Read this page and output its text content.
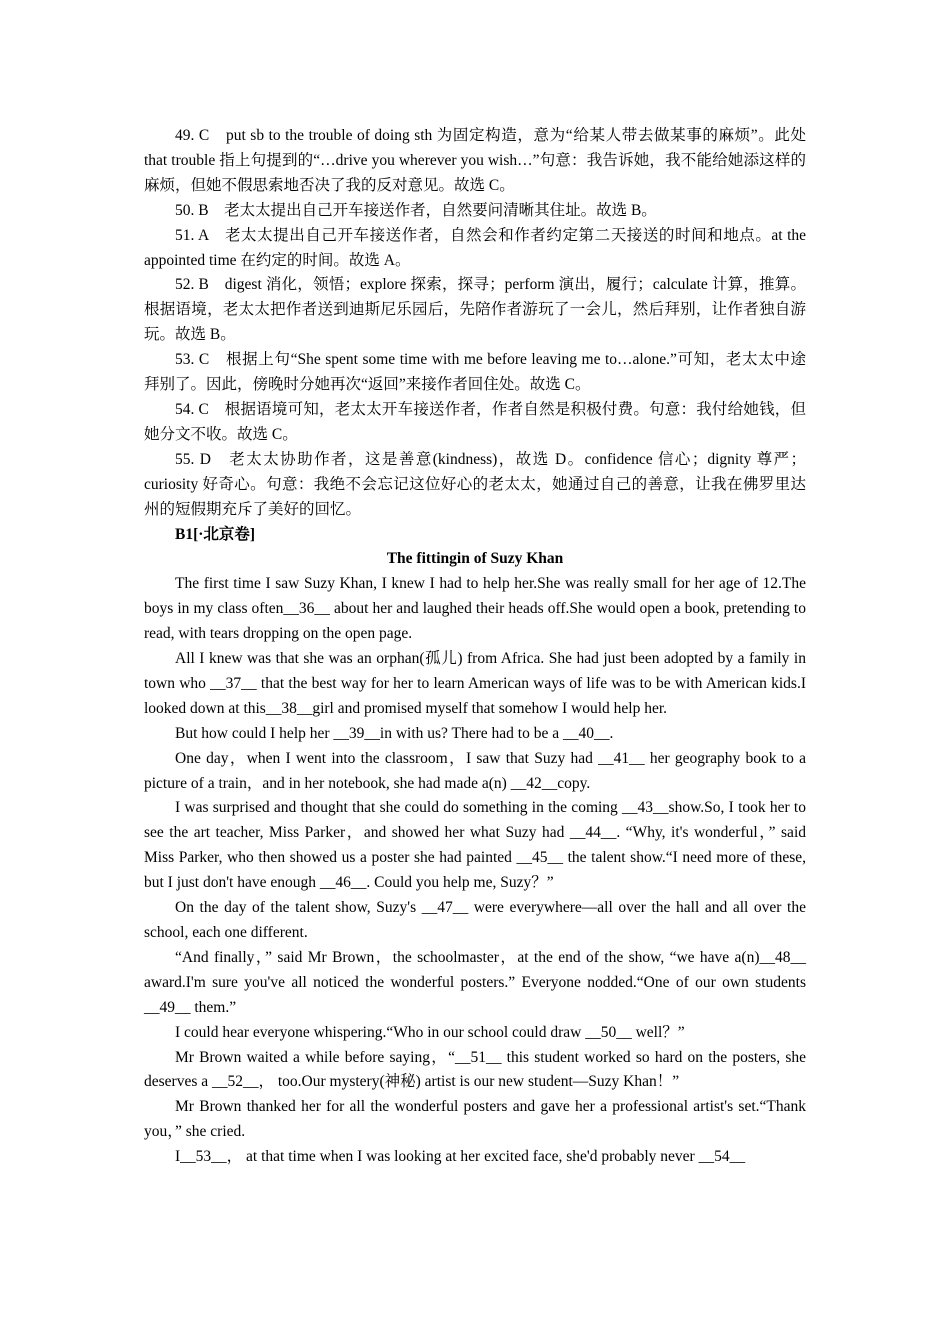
49. C　put sb to the trouble of doing sth 为固定构造，意为“给某人带去做某事的麻烦”。此处 that trouble 指上句提到的“…drive you wherever you wish…”句意：我告诉她，我不能给她添这样的麻烦，但她不假思索地否决了我的反对意见。故选 C。

50. B　老太太提出自己开车接送作者，自然要问清晰其住址。故选 B。

51. A　老太太提出自己开车接送作者，自然会和作者约定第二天接送的时间和地点。at the appointed time 在约定的时间。故选 A。

52. B　digest 消化，领悟；explore 探索，探寻；perform 演出，履行；calculate 计算，推算。根据语境，老太太把作者送到迪斯尼乐园后，先陪作者游玩了一会儿，然后拜别，让作者独自游玩。故选 B。

53. C　根据上句“She spent some time with me before leaving me to…alone.”可知，老太太中途拜别了。因此，傍晚时分她再次“返回”来接作者回住处。故选 C。

54. C　根据语境可知，老太太开车接送作者，作者自然是积极付费。句意：我付给她钱，但她分文不收。故选 C。

55. D　老太太协助作者，这是善意(kindness)，故选 D。confidence 信心；dignity 尊严；curiosity 好奇心。句意：我绝不会忘记这位好心的老太太，她通过自己的善意，让我在佛罗里达州的短假期充斥了美好的回忆。

B1[·北京卷]

The fittingin of Suzy Khan

The first time I saw Suzy Khan, I knew I had to help her.She was really small for her age of 12.The boys in my class often__36__ about her and laughed their heads off.She would open a book, pretending to read, with tears dropping on the open page.

All I knew was that she was an orphan(孤儿) from Africa. She had just been adopted by a family in town who __37__ that the best way for her to learn American ways of life was to be with American kids.I looked down at this__38__girl and promised myself that somehow I would help her.

But how could I help her __39__in with us? There had to be a __40__.

One day，when I went into the classroom，I saw that Suzy had __41__ her geography book to a picture of a train，and in her notebook, she had made a(n) __42__copy.

I was surprised and thought that she could do something in the coming __43__show.So, I took her to see the art teacher, Miss Parker，and showed her what Suzy had __44__. “Why, it's wonderful，” said Miss Parker, who then showed us a poster she had painted __45__ the talent show.“I need more of these, but I just don't have enough __46__. Could you help me, Suzy？”

On the day of the talent show, Suzy's __47__ were everywhere—all over the hall and all over the school, each one different.

“And finally，” said Mr Brown，the schoolmaster，at the end of the show, “we have a(n)__48__ award.I'm sure you've all noticed the wonderful posters.” Everyone nodded.“One of our own students __49__ them.”

I could hear everyone whispering.“Who in our school could draw __50__ well？”

Mr Brown waited a while before saying，“__51__ this student worked so hard on the posters, she deserves a __52__， too.Our mystery(神秘) artist is our new student—Suzy Khan！”

Mr Brown thanked her for all the wonderful posters and gave her a professional artist's set.“Thank you，” she cried.

I__53__， at that time when I was looking at her excited face, she'd probably never __54__
